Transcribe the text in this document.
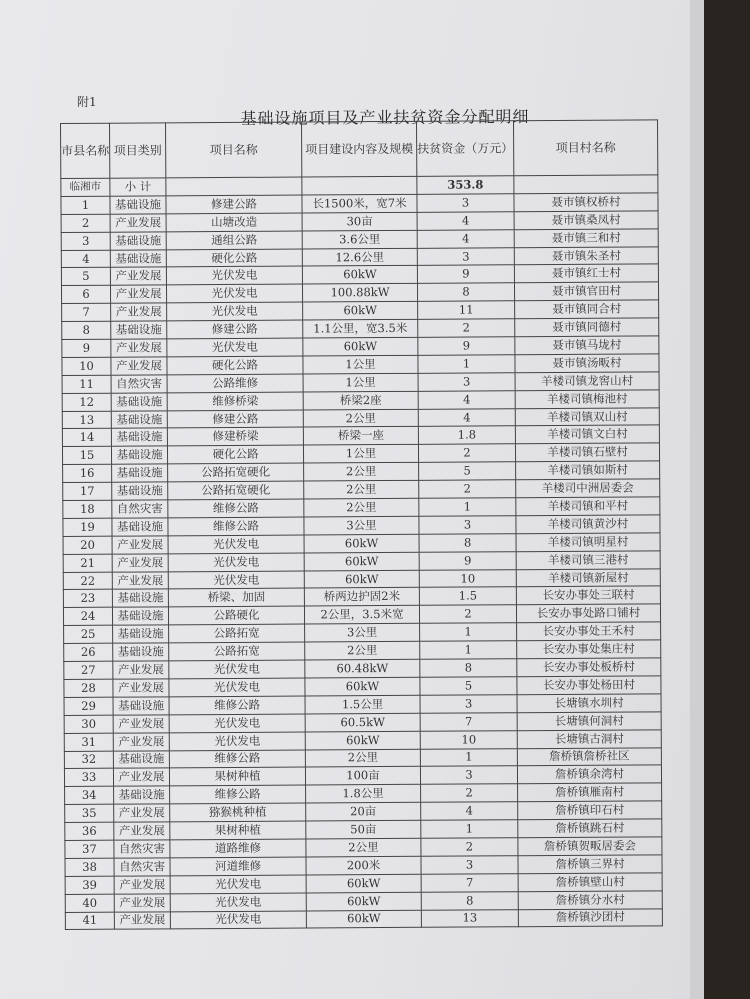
附1
基础设施项目及产业扶贫资金分配明细
市县名称	项目类别	项目名称	项目建设内容及规模	扶贫资金（万元）	项目村名称
临湘市	小 计			353.8	
1	基础设施	修建公路	长1500米，宽7米	3	聂市镇权桥村
2	产业发展	山塘改造	30亩	4	聂市镇桑凤村
3	基础设施	通组公路	3.6公里	4	聂市镇三和村
4	基础设施	硬化公路	12.6公里	3	聂市镇朱圣村
5	产业发展	光伏发电	60kW	9	聂市镇红士村
6	产业发展	光伏发电	100.88kW	8	聂市镇官田村
7	产业发展	光伏发电	60kW	11	聂市镇同合村
8	基础设施	修建公路	1.1公里，宽3.5米	2	聂市镇同德村
9	产业发展	光伏发电	60kW	9	聂市镇马垅村
10	产业发展	硬化公路	1公里	1	聂市镇汤畈村
11	自然灾害	公路维修	1公里	3	羊楼司镇龙窖山村
12	基础设施	维修桥梁	桥梁2座	4	羊楼司镇梅池村
13	基础设施	修建公路	2公里	4	羊楼司镇双山村
14	基础设施	修建桥梁	桥梁一座	1.8	羊楼司镇文白村
15	基础设施	硬化公路	1公里	2	羊楼司镇石壁村
16	基础设施	公路拓宽硬化	2公里	5	羊楼司镇如斯村
17	基础设施	公路拓宽硬化	2公里	2	羊楼司中洲居委会
18	自然灾害	维修公路	2公里	1	羊楼司镇和平村
19	基础设施	维修公路	3公里	3	羊楼司镇黄沙村
20	产业发展	光伏发电	60kW	8	羊楼司镇明星村
21	产业发展	光伏发电	60kW	9	羊楼司镇三港村
22	产业发展	光伏发电	60kW	10	羊楼司镇新屋村
23	基础设施	桥梁、加固	桥两边护固2米	1.5	长安办事处三联村
24	基础设施	公路硬化	2公里，3.5米宽	2	长安办事处路口铺村
25	基础设施	公路拓宽	3公里	1	长安办事处王禾村
26	基础设施	公路拓宽	2公里	1	长安办事处集庄村
27	产业发展	光伏发电	60.48kW	8	长安办事处板桥村
28	产业发展	光伏发电	60kW	5	长安办事处杨田村
29	基础设施	维修公路	1.5公里	3	长塘镇水圳村
30	产业发展	光伏发电	60.5kW	7	长塘镇何洞村
31	产业发展	光伏发电	60kW	10	长塘镇古洞村
32	基础设施	维修公路	2公里	1	詹桥镇詹桥社区
33	产业发展	果树种植	100亩	3	詹桥镇余湾村
34	基础设施	维修公路	1.8公里	2	詹桥镇雁南村
35	产业发展	猕猴桃种植	20亩	4	詹桥镇印石村
36	产业发展	果树种植	50亩	1	詹桥镇跳石村
37	自然灾害	道路维修	2公里	2	詹桥镇贺畈居委会
38	自然灾害	河道维修	200米	3	詹桥镇三界村
39	产业发展	光伏发电	60kW	7	詹桥镇壁山村
40	产业发展	光伏发电	60kW	8	詹桥镇分水村
41	产业发展	光伏发电	60kW	13	詹桥镇沙团村
